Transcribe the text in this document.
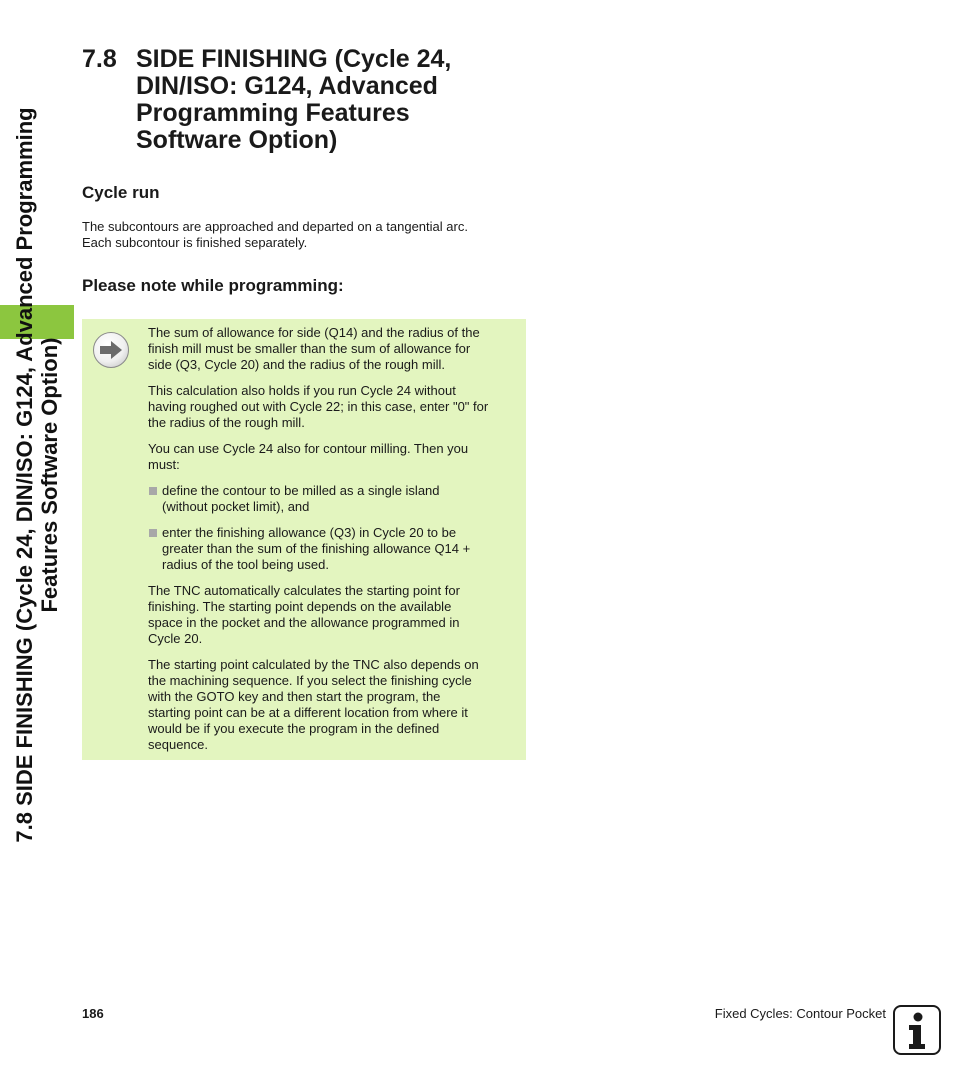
7.8 SIDE FINISHING (Cycle 24, DIN/ISO: G124, Advanced Programming Features Software Option)
7.8 SIDE FINISHING (Cycle 24,
DIN/ISO: G124, Advanced
Programming Features
Software Option)
Cycle run
The subcontours are approached and departed on a tangential arc.
Each subcontour is finished separately.
Please note while programming:

The sum of allowance for side (Q14) and the radius of the
finish mill must be smaller than the sum of allowance for
side (Q3, Cycle 20) and the radius of the rough mill.

This calculation also holds if you run Cycle 24 without
having roughed out with Cycle 22; in this case, enter "0" for
the radius of the rough mill.

You can use Cycle 24 also for contour milling. Then you
must:

define the contour to be milled as a single island
(without pocket limit), and
enter the finishing allowance (Q3) in Cycle 20 to be
greater than the sum of the finishing allowance Q14 +
radius of the tool being used.

The TNC automatically calculates the starting point for
finishing. The starting point depends on the available
space in the pocket and the allowance programmed in
Cycle 20.

The starting point calculated by the TNC also depends on
the machining sequence. If you select the finishing cycle
with the GOTO key and then start the program, the
starting point can be at a different location from where it
would be if you execute the program in the defined
sequence.

186	Fixed Cycles: Contour Pocket
